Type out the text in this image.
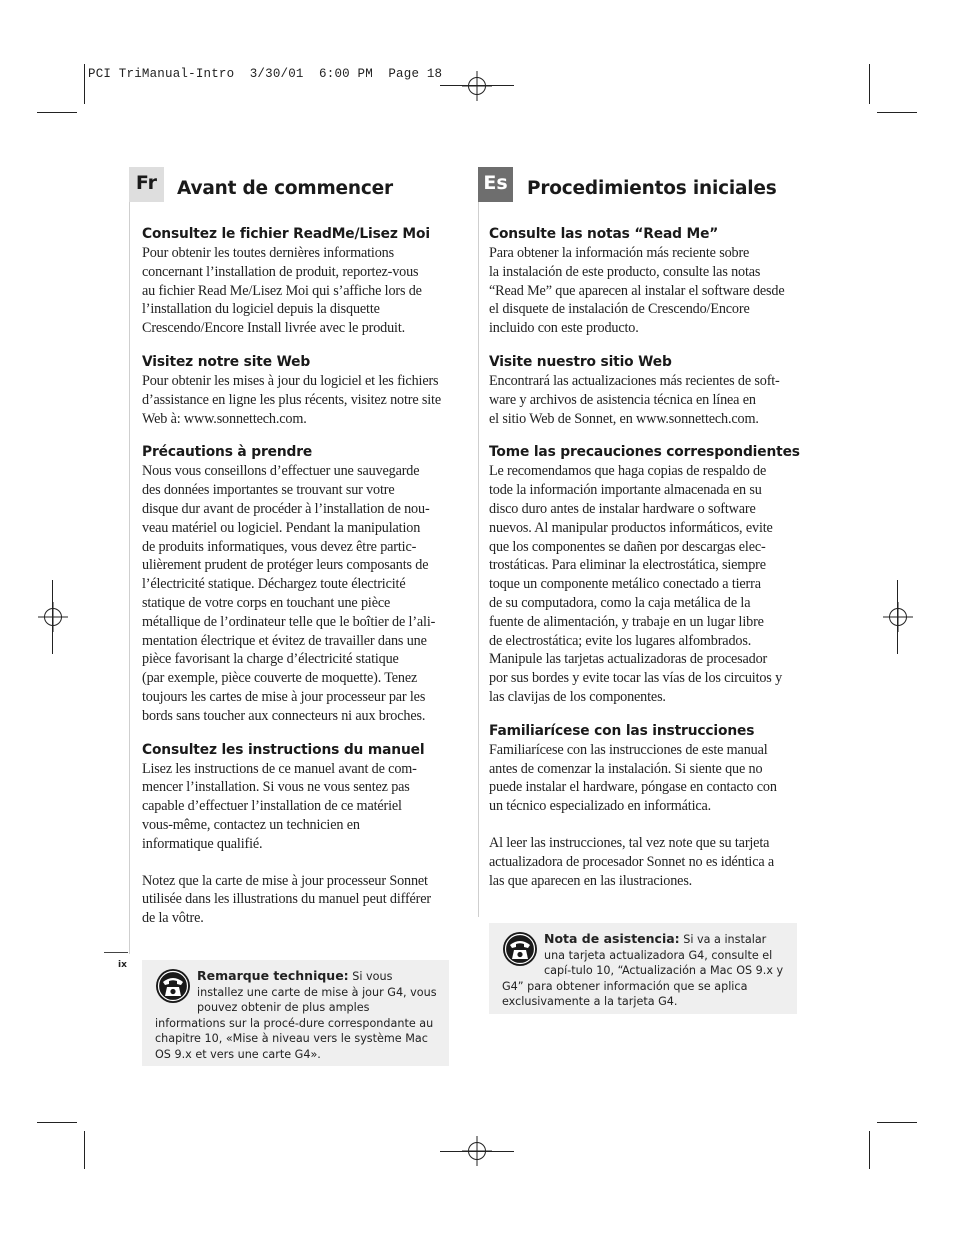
PCI TriManual-Intro  3/30/01  6:00 PM  Page 18
Fr	Es
Avant de commencer	Procedimientos iniciales
Consultez le fichier ReadMe/Lisez Moi

Pour obtenir les toutes dernières informations
concernant l’installation de produit, reportez-vous
au fichier Read Me/Lisez Moi qui s’affiche lors de
l’installation du logiciel depuis la disquette
Crescendo/Encore Install livrée avec le produit.

Visitez notre site Web

Pour obtenir les mises à jour du logiciel et les fichiers
d’assistance en ligne les plus récents, visitez notre site
Web à: www.sonnettech.com.

Précautions à prendre

Nous vous conseillons d’effectuer une sauvegarde
des données importantes se trouvant sur votre
disque dur avant de procéder à l’installation de nou-
veau matériel ou logiciel. Pendant la manipulation
de produits informatiques, vous devez être partic-
ulièrement prudent de protéger leurs composants de
l’électricité statique. Déchargez toute électricité
statique de votre corps en touchant une pièce
métallique de l’ordinateur telle que le boîtier de l’ali-
mentation électrique et évitez de travailler dans une
pièce favorisant la charge d’électricité statique
(par exemple, pièce couverte de moquette). Tenez
toujours les cartes de mise à jour processeur par les
bords sans toucher aux connecteurs ni aux broches.

Consultez les instructions du manuel

Lisez les instructions de ce manuel avant de com-
mencer l’installation. Si vous ne vous sentez pas
capable d’effectuer l’installation de ce matériel
vous-même, contactez un technicien en
informatique qualifié.

Notez que la carte de mise à jour processeur Sonnet
utilisée dans les illustrations du manuel peut différer
de la vôtre.

ix
Remarque technique: Si vous installez une carte de mise à jour G4, vous pouvez obtenir de plus amples informations sur la procé-dure correspondante au chapitre 10, «Mise à niveau vers le système Mac OS 9.x et vers une carte G4».
Consulte las notas “Read Me”

Para obtener la información más reciente sobre
la instalación de este producto, consulte las notas
“Read Me” que aparecen al instalar el software desde
el disquete de instalación de Crescendo/Encore
incluido con este producto.

Visite nuestro sitio Web

Encontrará las actualizaciones más recientes de soft-
ware y archivos de asistencia técnica en línea en
el sitio Web de Sonnet, en www.sonnettech.com.

Tome las precauciones correspondientes

Le recomendamos que haga copias de respaldo de
tode la información importante almacenada en su
disco duro antes de instalar hardware o software
nuevos. Al manipular productos informáticos, evite
que los componentes se dañen por descargas elec-
trostáticas. Para eliminar la electrostática, siempre
toque un componente metálico conectado a tierra
de su computadora, como la caja metálica de la
fuente de alimentación, y trabaje en un lugar libre
de electrostática; evite los lugares alfombrados.
Manipule las tarjetas actualizadoras de procesador
por sus bordes y evite tocar las vías de los circuitos y
las clavijas de los componentes.

Familiarícese con las instrucciones

Familiarícese con las instrucciones de este manual
antes de comenzar la instalación. Si siente que no
puede instalar el hardware, póngase en contacto con
un técnico especializado en informática.

Al leer las instrucciones, tal vez note que su tarjeta
actualizadora de procesador Sonnet no es idéntica a
las que aparecen en las ilustraciones.

Nota de asistencia: Si va a instalar una tarjeta actualizadora G4, consulte el capí-tulo 10, “Actualización a Mac OS 9.x y G4” para obtener información que se aplica exclusivamente a la tarjeta G4.
